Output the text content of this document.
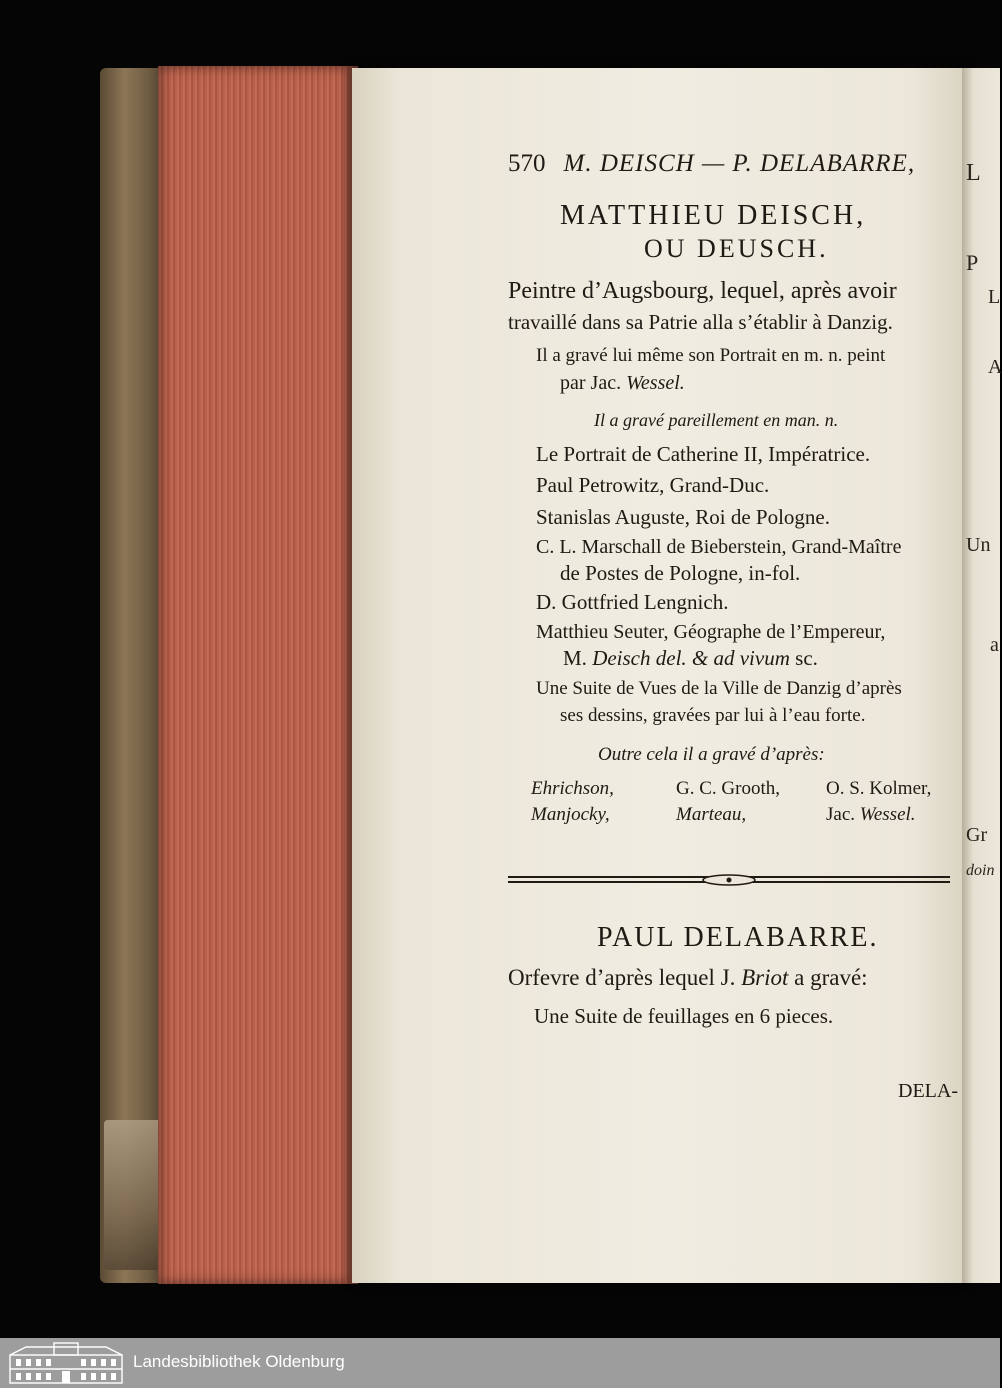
L
P
L
A
Un
a
Gr
doin
570 M. DEISCH — P. DELABARRE,
MATTHIEU DEISCH,
OU DEUSCH.
Peintre d’Augsbourg, lequel, après avoir
travaillé dans sa Patrie alla s’établir à Danzig.
Il a gravé lui même son Portrait en m. n. peint
par Jac. Wessel.
Il a gravé pareillement en man. n.
Le Portrait de Catherine II, Impératrice.
Paul Petrowitz, Grand-Duc.
Stanislas Auguste, Roi de Pologne.
C. L. Marschall de Bieberstein, Grand-Maître
de Postes de Pologne, in-fol.
D. Gottfried Lengnich.
Matthieu Seuter, Géographe de l’Empereur,
M. Deisch del. & ad vivum sc.
Une Suite de Vues de la Ville de Danzig d’après
ses dessins, gravées par lui à l’eau forte.
Outre cela il a gravé d’après:
Ehrichson,	G. C. Grooth, O. S. Kolmer,
Manjocky,	Marteau,	Jac. Wessel.
PAUL DELABARRE.
Orfevre d’après lequel J. Briot a gravé:
Une Suite de feuillages en 6 pieces.
DELA-
Landesbibliothek Oldenburg
